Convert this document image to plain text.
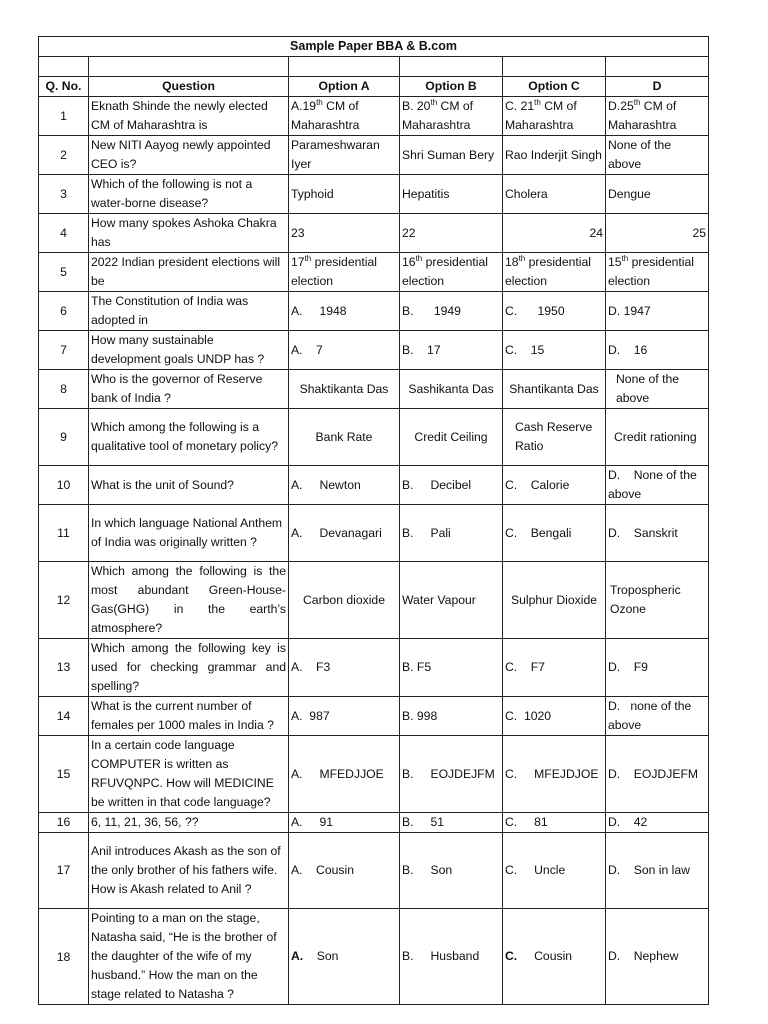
Sample Paper BBA & B.com					

Q. No.	Question	Option A	Option B	Option C	D
1	Eknath Shinde the newly elected CM of Maharashtra is	A.19th CM of Maharashtra	B. 20th CM of Maharashtra	C. 21th CM of Maharashtra	D.25th CM of Maharashtra
2	New NITI Aayog newly appointed CEO is?	Parameshwaran Iyer	Shri Suman Bery	Rao Inderjit Singh	None of the above
3	Which of the following is not a water-borne disease?	Typhoid	Hepatitis	Cholera	Dengue
4	How many spokes Ashoka Chakra has	23	22	24	25
5	2022 Indian president elections will be	17th presidential election	16th presidential election	18th presidential election	15th presidential election
6	The Constitution of India was adopted in	A.     1948	B.      1949	C.      1950	D. 1947
7	How many sustainable development goals UNDP has ?	A.    7	B.    17	C.    15	D.    16
8	Who is the governor of Reserve bank of India ?	Shaktikanta Das	Sashikanta Das	Shantikanta Das	None of the above
9	Which among the following is a qualitative tool of monetary policy?	Bank Rate	Credit Ceiling	Cash Reserve Ratio	Credit rationing
10	What is the unit of Sound?	A.     Newton	B.     Decibel	C.    Calorie	D.    None of the above
11	In which language National Anthem of India was originally written ?	A.     Devanagari	B.     Pali	C.    Bengali	D.    Sanskrit
12	Which among the following is the most abundant Green-House-Gas(GHG) in the earth’s atmosphere?	Carbon dioxide	Water Vapour	Sulphur Dioxide	Tropospheric Ozone
13	Which among the following key is used for checking grammar and spelling?	A.    F3	B. F5	C.    F7	D.    F9
14	What is the current number of females per 1000 males in India ?	A.  987	B. 998	C.  1020	D.   none of the above
15	In a certain code language COMPUTER is written as RFUVQNPC. How will MEDICINE be written in that code language?	A.     MFEDJJOE	B.     EOJDEJFM	C.     MFEJDJOE	D.    EOJDJEFM
16	6, 11, 21, 36, 56, ??	A.     91	B.     51	C.     81	D.    42
17	Anil introduces Akash as the son of the only brother of his fathers wife. How is Akash related to Anil ?	A.    Cousin	B.     Son	C.     Uncle	D.    Son in law
18	Pointing to a man on the stage, Natasha said, “He is the brother of the daughter of the wife of my husband.” How the man on the stage related to Natasha ?	A.    Son	B.     Husband	C.     Cousin	D.    Nephew
